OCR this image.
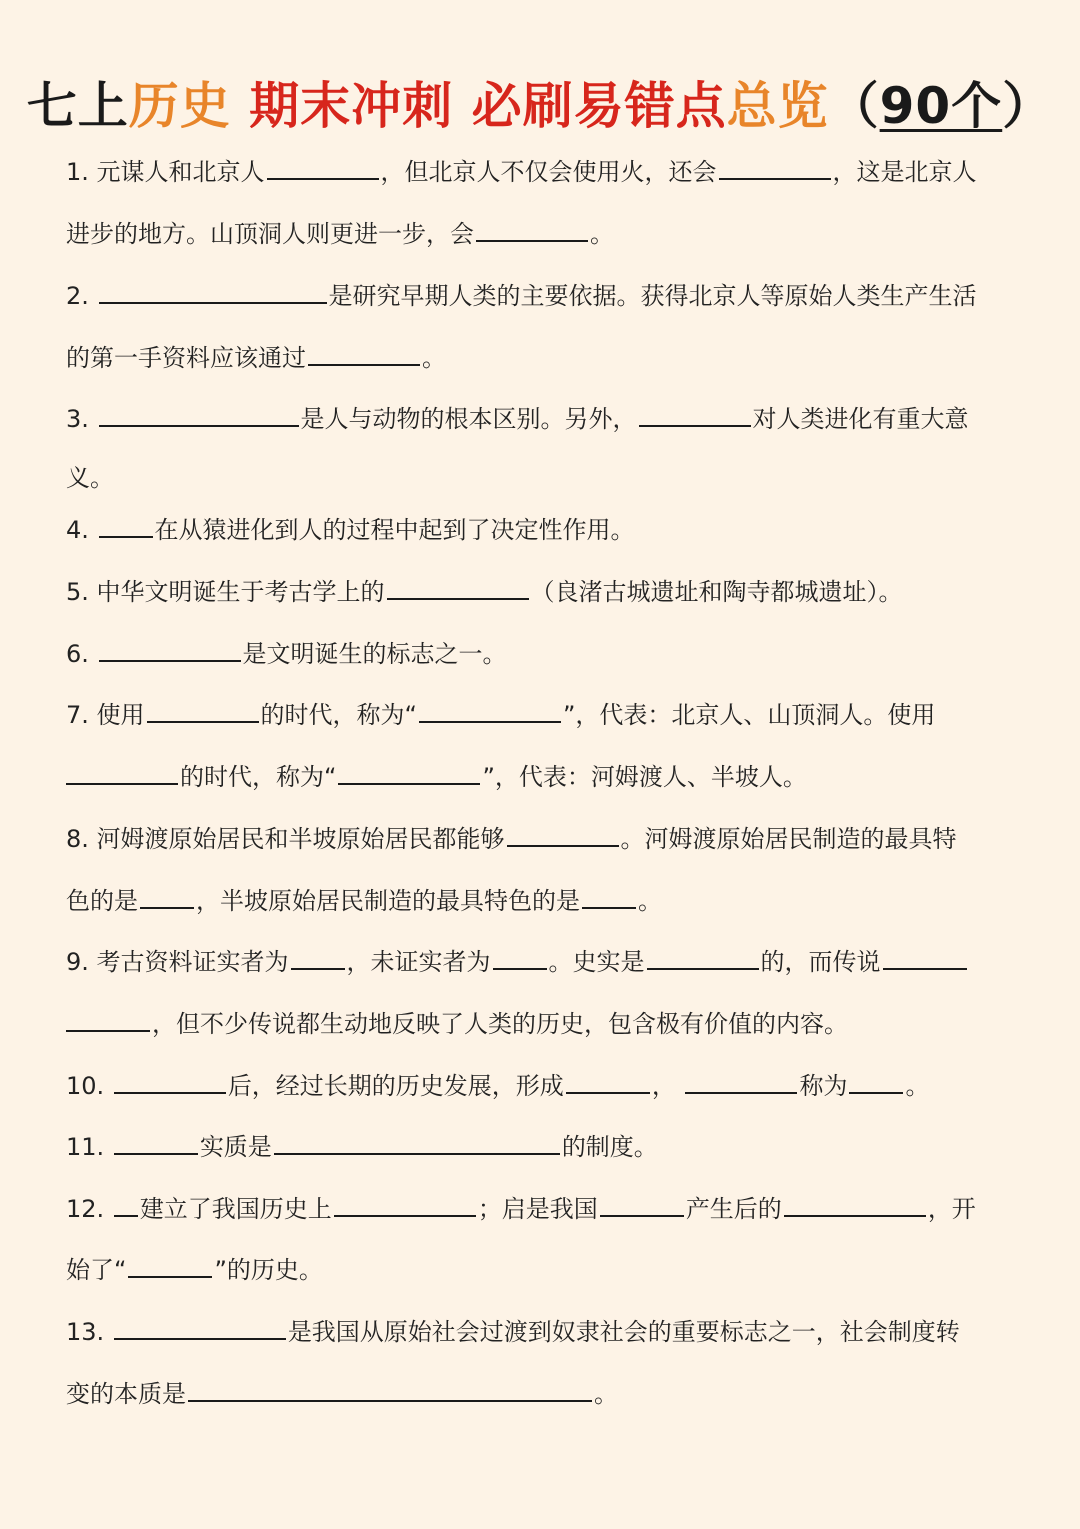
七上历史 期末冲刺 必刷易错点总览（90个）
1. 元谋人和北京人	，但北京人不仅会使用火，还会	，这是北京人
进步的地方。山顶洞人则更进一步，会	。
2.	是研究早期人类的主要依据。获得北京人等原始人类生产生活
的第一手资料应该通过	。
3.	是人与动物的根本区别。另外，	对人类进化有重大意
义。
4.	在从猿进化到人的过程中起到了决定性作用。
5. 中华文明诞生于考古学上的	（良渚古城遗址和陶寺都城遗址）。
6.	是文明诞生的标志之一。
7. 使用	的时代，称为“	”，代表：北京人、山顶洞人。使用
的时代，称为“	”，代表：河姆渡人、半坡人。
8. 河姆渡原始居民和半坡原始居民都能够	。河姆渡原始居民制造的最具特
色的是 ，半坡原始居民制造的最具特色的是 。
9. 考古资料证实者为 ，未证实者为 。史实是	的，而传说
，但不少传说都生动地反映了人类的历史，包含极有价值的内容。
10.	后，经过长期的历史发展，形成	，	称为 。
11.	实质是	的制度。
12. 建立了我国历史上	；启是我国	产生后的	，开
始了“	”的历史。
13.	是我国从原始社会过渡到奴隶社会的重要标志之一，社会制度转
变的本质是	。
